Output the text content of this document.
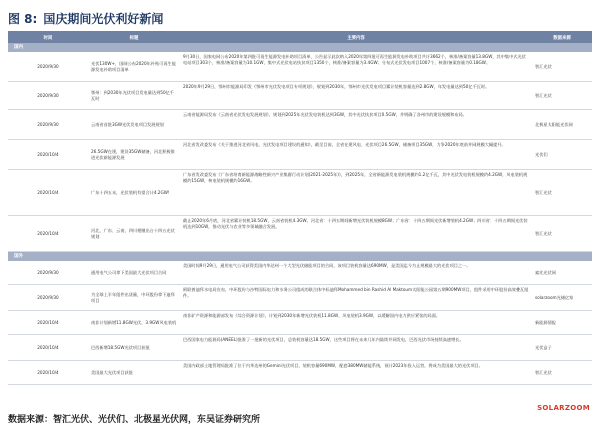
图 8: 国庆期间光伏利好新闻
时间	标题	主要内容	数据来源
国内
2020/9/30
光伏130W+，国网公布2020年补贴可再生能源发电补助项目清单
9月30日，国家电网公布2020年第四批可再生能源发电补助项目清单，公告显示此次纳入2020年第四批可再生能源发电补助项目共计3662个，核准/备案容量13.8GW，其中集中式光伏电站项目303个，核准/备案容量为10.1GW，集中式光伏电站扶贫项目1350个，核准/备案容量为3.4GW；分布式光伏发电项目1007个，核准/备案容量为0.18GW。
智汇光伏
2020/9/30
鄂州：到2030年光伏项目发电量达到50亿千瓦时
2020年9月29日，鄂州市能源局印发《鄂州市光伏发电项目专项规划》，规划到2030年，鄂州市光伏发电项目累计装机容量达到2.8GW，年发电量达到50亿千瓦时。
智汇光伏
2020/9/30	云南省首批3GW光伏发电项目发展规划
云南省能源局发布《云南省光伏发电发展规划》，规划到2025年光伏发电装机达到3GW，其中光伏扶贫项目0.5GW，并明确了各州市的建设规模和布局。
北极星太阳能光伏网
2020/10/4
26.5GW在建，建设35GW储备，河北积极推进光伏新能源发展
河北省发改委发布《关于推进河北省风电、光伏发电项目建设的通知》，截至目前，全省在建风电、光伏项目26.5GW，储备项目35GW，力争2020年底前并网规模大幅提升。
光伏们
2020/10/4	广东十四五末，光伏装机有望合计4.2GW!
广东省发改委发布《广东省培育新能源战略性新兴产业集群行动计划(2021-2025年)》，到2025年，全省新能源发电装机规模约1.2亿千瓦，其中光伏发电装机规模约4.2GW，风电装机规模约15GW，核电装机规模约16GW。
智汇光伏
2020/10/4
河北、广东、云南、四川相继出台十四五光伏规划
截止2020年6月底，河北省累计装机18.5GW，云南省装机4.3GW。河北省：十四五期间新增光伏装机规模8GW；广东省：十四五期间光伏新增装机4.2GW；四川省：十四五期间光伏装机达到10GW，推动光伏与农业等多领域融合发展。
智汇光伏
国外
2020/9/30	通用电气公司拿下美国最大光伏项目合同
美国时间9月29日，通用电气公司获得美国内华达州一个大型光伏储能项目的合同，该项目装机容量达690MW，是美国迄今为止规模最大的光伏项目之一。
索比光伏网
2020/9/30
为全球上半年组件出货量，中环股份拿下迪拜项目
阿联酋迪拜水电局宣布，中环股份与沙特国际电力和水务公司组成的联合体中标迪拜Mohammed bin Rashid Al Maktoum太阳能公园第五期900MW项目，组件采用中环股份高效叠瓦组件。	solarzoom光储亿家
2020/10/4	南非计划新增11.8GW光伏，3.9GW风电装机
南非矿产资源和能源部发布《综合资源计划》，计划到2030年新增光伏装机11.8GW、风电装机3.9GW，以缓解国内电力供应紧张的局面。
新能源情报
2020/10/4	巴西新增18.5GW光伏项目获批
巴西国家电力能源局(ANEEL)批准了一批新的光伏项目，总装机容量达18.5GW，这些项目将在未来几年内陆续并网发电，巴西光伏市场持续高速增长。
光伏盒子
2020/10/4	美国最大光伏项目获批
美国内政部土地管理局批准了位于内华达州的Gemini光伏项目，装机容量690MW，配套380MW储能系统，预计2023年投入运营，将成为美国最大的光伏项目。
智汇光伏
SOLARZOOM
数据来源：智汇光伏、光伏们、北极星光伏网，东吴证券研究所
